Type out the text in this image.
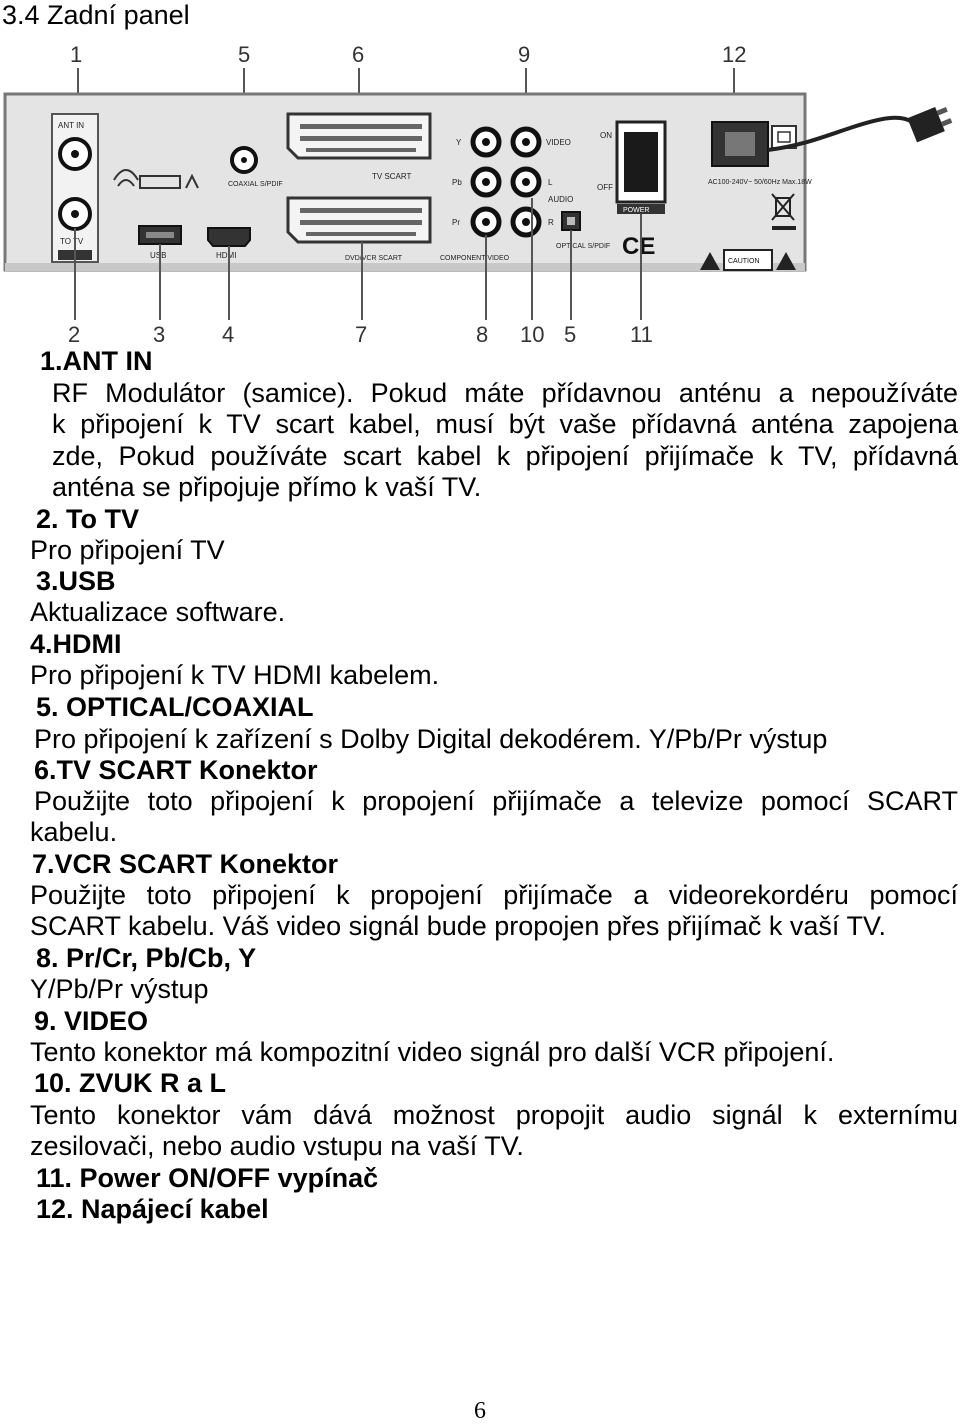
3.4 Zadní panel
1	5	6	9	12
ANT IN
TO TV
USB	HDMI
COAXIAL S/PDIF
TV SCART
DVD/VCR SCART
Y
Pb
Pr
VIDEO
L
AUDIO
R
COMPONENT VIDEO
OPTICAL S/PDIF
ON
OFF
POWER
CE
AC100-240V~ 50/60Hz Max.18W
CAUTION
2	3	4	7	8 10 5 11
1.ANT IN
RF Modulátor (samice). Pokud máte přídavnou anténu a nepoužíváte
k připojení k TV scart kabel, musí být vaše přídavná anténa zapojena
zde, Pokud používáte scart kabel k připojení přijímače k TV, přídavná
anténa se připojuje přímo k vaší TV.
2. To TV
Pro připojení TV
3.USB
Aktualizace software.
4.HDMI
Pro připojení k TV HDMI kabelem.
5. OPTICAL/COAXIAL
Pro připojení k zařízení s Dolby Digital dekodérem. Y/Pb/Pr výstup
6.TV SCART Konektor
Použijte toto připojení k propojení přijímače a televize pomocí SCART
kabelu.
7.VCR SCART Konektor
Použijte toto připojení k propojení přijímače a videorekordéru pomocí
SCART kabelu. Váš video signál bude propojen přes přijímač k vaší TV.
8. Pr/Cr, Pb/Cb, Y
Y/Pb/Pr výstup
9. VIDEO
Tento konektor má kompozitní video signál pro další VCR připojení.
10. ZVUK R a L
Tento konektor vám dává možnost propojit audio signál k externímu
zesilovači, nebo audio vstupu na vaší TV.
11. Power ON/OFF vypínač
12. Napájecí kabel
6
